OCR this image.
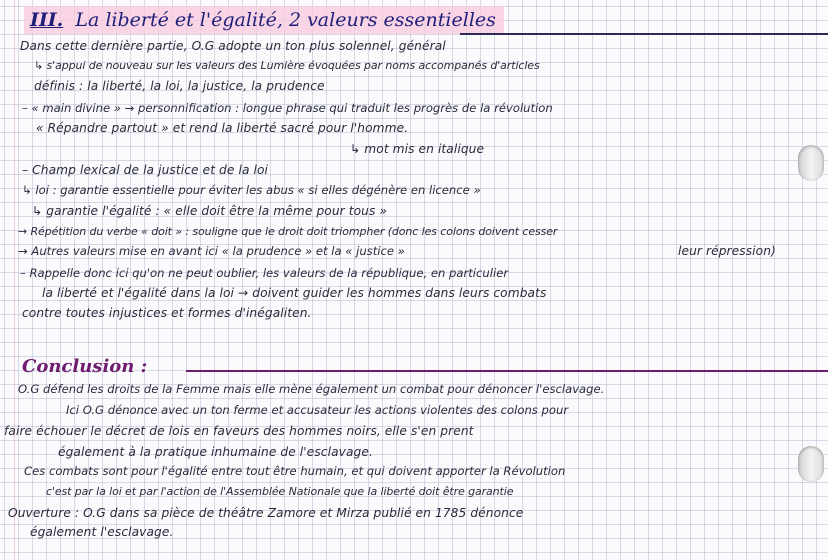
III. La liberté et l'égalité, 2 valeurs essentielles
Dans cette dernière partie, O.G adopte un ton plus solennel, général
↳ s'appui de nouveau sur les valeurs des Lumière évoquées par noms accompanés d'articles
définis : la liberté, la loi, la justice, la prudence
– « main divine » → personnification : longue phrase qui traduit les progrès de la révolution
« Répandre partout » et rend la liberté sacré pour l'homme.
↳ mot mis en italique
– Champ lexical de la justice et de la loi
↳ loi : garantie essentielle pour éviter les abus « si elles dégénère en licence »
↳ garantie l'égalité : « elle doit être la même pour tous »
→ Répétition du verbe « doit » : souligne que le droit doit triompher (donc les colons doivent cesser
→ Autres valeurs mise en avant ici « la prudence » et la « justice »	leur répression)
– Rappelle donc ici qu'on ne peut oublier, les valeurs de la république, en particulier
la liberté et l'égalité dans la loi → doivent guider les hommes dans leurs combats
contre toutes injustices et formes d'inégaliten.
Conclusion :
O.G défend les droits de la Femme mais elle mène également un combat pour dénoncer l'esclavage.
Ici O.G dénonce avec un ton ferme et accusateur les actions violentes des colons pour
faire échouer le décret de lois en faveurs des hommes noirs, elle s'en prent
également à la pratique inhumaine de l'esclavage.
Ces combats sont pour l'égalité entre tout être humain, et qui doivent apporter la Révolution
c'est par la loi et par l'action de l'Assemblée Nationale que la liberté doit être garantie
Ouverture : O.G dans sa pièce de théâtre Zamore et Mirza publié en 1785 dénonce
également l'esclavage.
